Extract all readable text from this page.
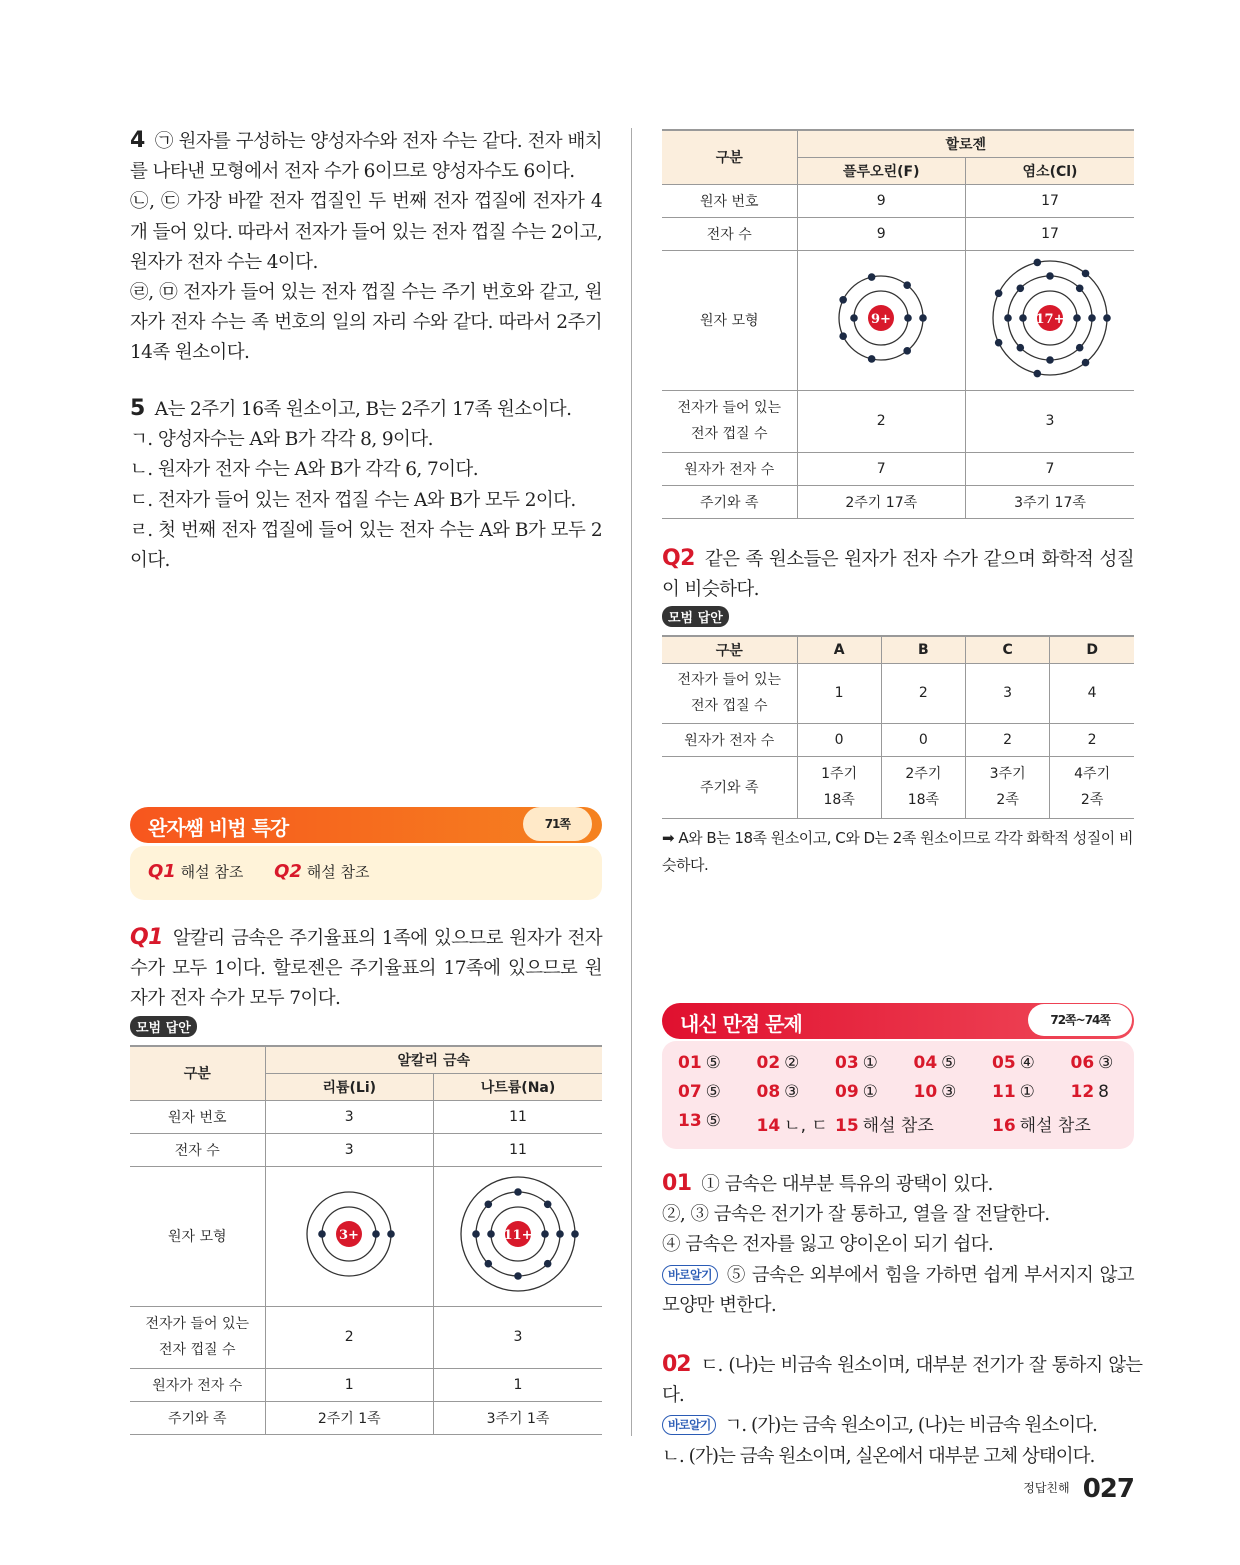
4 ㉠ 원자를 구성하는 양성자수와 전자 수는 같다. 전자 배치를 나타낸 모형에서 전자 수가 6이므로 양성자수도 6이다.

㉡, ㉢ 가장 바깥 전자 껍질인 두 번째 전자 껍질에 전자가 4개 들어 있다. 따라서 전자가 들어 있는 전자 껍질 수는 2이고, 원자가 전자 수는 4이다.

㉣, ㉤ 전자가 들어 있는 전자 껍질 수는 주기 번호와 같고, 원자가 전자 수는 족 번호의 일의 자리 수와 같다. 따라서 2주기 14족 원소이다.

5 A는 2주기 16족 원소이고, B는 2주기 17족 원소이다.

ㄱ. 양성자수는 A와 B가 각각 8, 9이다.

ㄴ. 원자가 전자 수는 A와 B가 각각 6, 7이다.

ㄷ. 전자가 들어 있는 전자 껍질 수는 A와 B가 모두 2이다.

ㄹ. 첫 번째 전자 껍질에 들어 있는 전자 수는 A와 B가 모두 2이다.

완자쌤 비법 특강	71쪽
Q1 해설 참조 Q2 해설 참조

Q1 알칼리 금속은 주기율표의 1족에 있으므로 원자가 전자 수가 모두 1이다. 할로젠은 주기율표의 17족에 있으므로 원자가 전자 수가 모두 7이다.

모범 답안
구분	알칼리 금속	
	리튬(Li)	나트륨(Na)
원자 번호	3	11
전자 수	3	11
원자 모형	3+	11+

전자가 들어 있는 전자 껍질 수	2	3
원자가 전자 수	1	1
주기와 족	2주기 1족	3주기 1족
구분	할로젠	
	플루오린(F)	염소(Cl)
원자 번호	9	17
전자 수	9	17
원자 모형	9+	17+

전자가 들어 있는 전자 껍질 수	2	3
원자가 전자 수	7	7
주기와 족	2주기 17족	3주기 17족

Q2 같은 족 원소들은 원자가 전자 수가 같으며 화학적 성질이 비슷하다.

모범 답안
구분	A	B	C	D
전자가 들어 있는 전자 껍질 수	1	2	3	4
원자가 전자 수	0	0	2	2
주기와 족	1주기 18족	2주기 18족	3주기 2족	4주기 2족

➡ A와 B는 18족 원소이고, C와 D는 2족 원소이므로 각각 화학적 성질이 비슷하다.

내신 만점 문제	72쪽~74쪽
01 ⑤ 02 ② 03 ① 04 ⑤ 05 ④ 06 ③
07 ⑤ 08 ③ 09 ① 10 ③ 11 ① 12 8
13 ⑤ 14 ㄴ, ㄷ 15 해설 참조	16 해설 참조

01 ① 금속은 대부분 특유의 광택이 있다.

②, ③ 금속은 전기가 잘 통하고, 열을 잘 전달한다.

④ 금속은 전자를 잃고 양이온이 되기 쉽다.

바로알기 ⑤ 금속은 외부에서 힘을 가하면 쉽게 부서지지 않고 모양만 변한다.

02 ㄷ. (나)는 비금속 원소이며, 대부분 전기가 잘 통하지 않는다.

바로알기 ㄱ. (가)는 금속 원소이고, (나)는 비금속 원소이다.

ㄴ. (가)는 금속 원소이며, 실온에서 대부분 고체 상태이다.

$^{정답친해}$ 027
